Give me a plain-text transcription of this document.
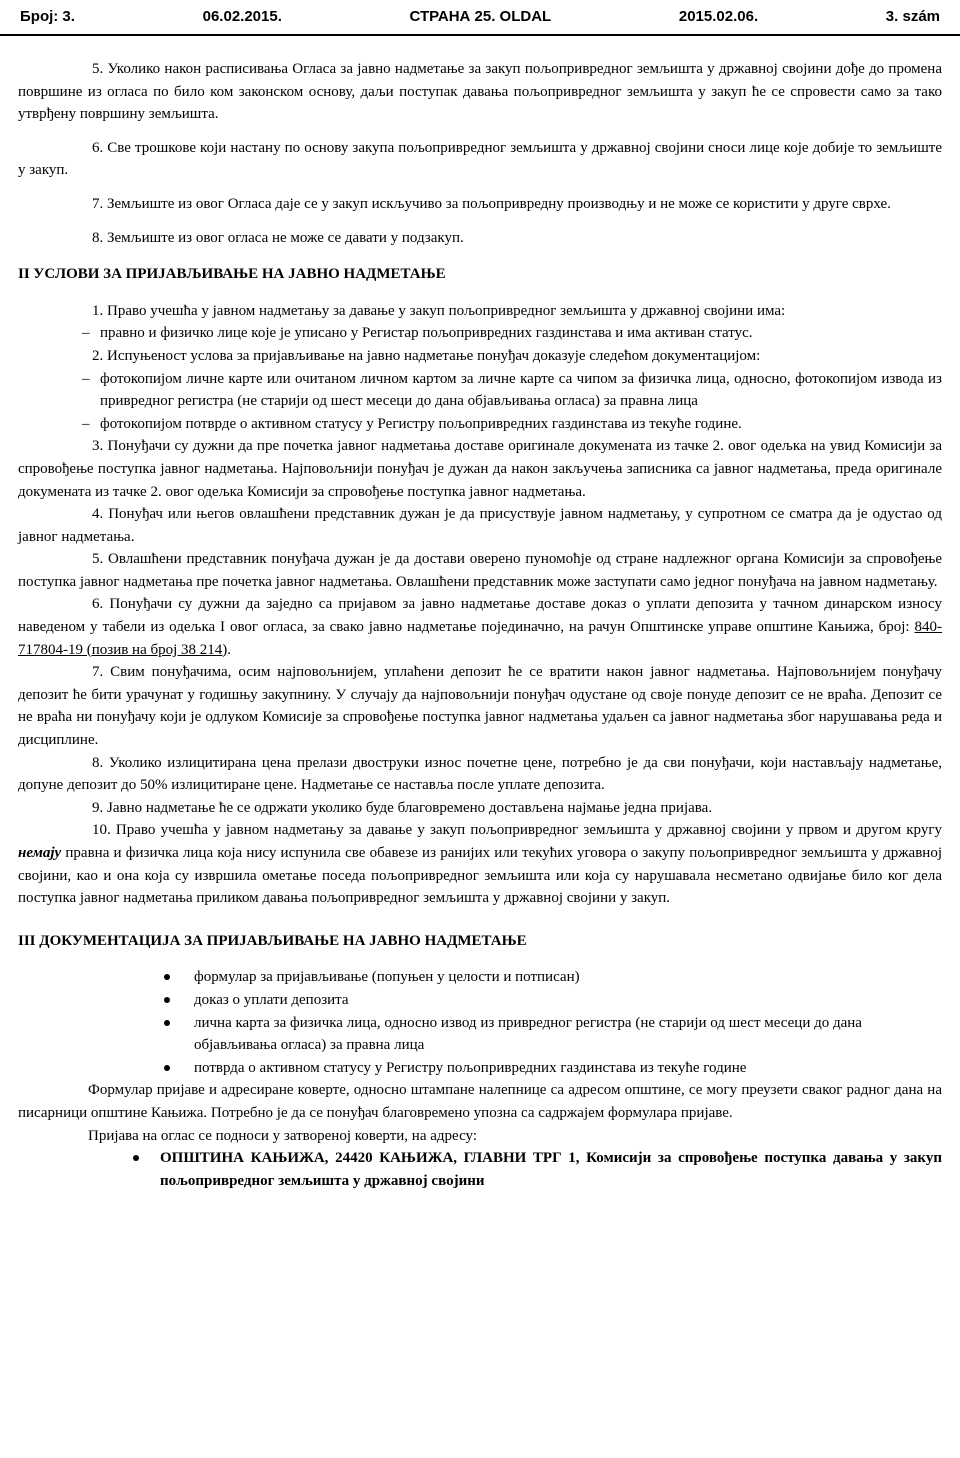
Број: 3.	06.02.2015.	СТРАНА 25. OLDAL	2015.02.06.	3. szám

5. Уколико након расписивања Огласа за јавно надметање за закуп пољопривредног земљишта у државној својини дође до промена површине из огласа по било ком законском основу, даљи поступак давања пољопривредног земљишта у закуп ће се спровести само за тако утврђену површину земљишта.

6. Све трошкове који настану по основу закупа пољопривредног земљишта у државној својини сноси лице које добије то земљиште у закуп.

7. Земљиште из овог Огласа даје се у закуп искључиво за пољопривредну производњу и не може се користити у друге сврхе.

8. Земљиште из овог огласа не може се давати у подзакуп.

II УСЛОВИ ЗА ПРИЈАВЉИВАЊЕ НА ЈАВНО НАДМЕТАЊЕ

1. Право учешћа у јавном надметању за давање у закуп пољопривредног земљишта у државној својини има:

– правно и физичко лице које је уписано у Регистар пољопривредних газдинстава и има активан статус.

2. Испуњеност услова за пријављивање на јавно надметање понуђач доказује следећом документацијом:

– фотокопијом личне карте или очитаном личном картом за личне карте са чипом за физичка лица, односно, фотокопијом извода из привредног регистра (не старији од шест месеци до дана објављивања огласа) за правна лица

– фотокопијом потврде о активном статусу у Регистру пољопривредних газдинстава из текуће године.

3. Понуђачи су дужни да пре почетка јавног надметања доставе оригинале докумената из тачке 2. овог одељка на увид Комисији за спровођење поступка јавног надметања. Најповољнији понуђач је дужан да након закључења записника са јавног надметања, преда оригинале докумената из тачке 2. овог одељка Комисији за спровођење поступка јавног надметања.

4. Понуђач или његов овлашћени представник дужан је да присуствује јавном надметању, у супротном се сматра да је одустао од јавног надметања.

5. Овлашћени представник понуђача дужан је да достави оверено пуномоћје од стране надлежног органа Комисији за спровођење поступка јавног надметања пре почетка јавног надметања. Овлашћени представник може заступати само једног понуђача на јавном надметању.

6. Понуђачи су дужни да заједно са пријавом за јавно надметање доставе доказ о уплати депозита у тачном динарском износу наведеном у табели из одељка I овог огласа, за свако јавно надметање појединачно, на рачун Општинске управе општине Кањижа, број: 840-717804-19 (позив на број 38 214).

7. Свим понуђачима, осим најповољнијем, уплаћени депозит ће се вратити након јавног надметања. Најповољнијем понуђачу депозит ће бити урачунат у годишњу закупнину. У случају да најповољнији понуђач одустане од своје понуде депозит се не враћа. Депозит се не враћа ни понуђачу који је одлуком Комисије за спровођење поступка јавног надметања удаљен са јавног надметања због нарушавања реда и дисциплине.

8. Уколико излицитирана цена прелази двоструки износ почетне цене, потребно је да сви понуђачи, који настављају надметање, допуне депозит до 50% излицитиране цене. Надметање се наставља после уплате депозита.

9. Јавно надметање ће се одржати уколико буде благовремено достављена најмање једна пријава.

10. Право учешћа у јавном надметању за давање у закуп пољопривредног земљишта у државној својини у првом и другом кругу немају правна и физичка лица која нису испунила све обавезе из ранијих или текућих уговора о закупу пољопривредног земљишта у државној својини, као и она која су извршила ометање поседа пољопривредног земљишта или која су нарушавала несметано одвијање било ког дела поступка јавног надметања приликом давања пољопривредног земљишта у државној својини у закуп.

III ДОКУМЕНТАЦИЈА ЗА ПРИЈАВЉИВАЊЕ НА ЈАВНО НАДМЕТАЊЕ

формулар за пријављивање (попуњен у целости и потписан)
доказ о уплати депозита
лична карта за физичка лица, односно извод из привредног регистра (не старији од шест месеци до дана објављивања огласа) за правна лица
потврда о активном статусу у Регистру пољопривредних газдинстава из текуће године

Формулар пријаве и адресиране коверте, односно штампане налепнице са адресом општине, се могу преузети сваког радног дана на писарници општине Кањижа. Потребно је да се понуђач благовремено упозна са садржајем формулара пријаве.

Пријава на оглас се подноси у затвореној коверти, на адресу:

ОПШТИНА КАЊИЖА, 24420 КАЊИЖА, ГЛАВНИ ТРГ 1, Комисији за спровођење поступка давања у закуп пољопривредног земљишта у државној својини
